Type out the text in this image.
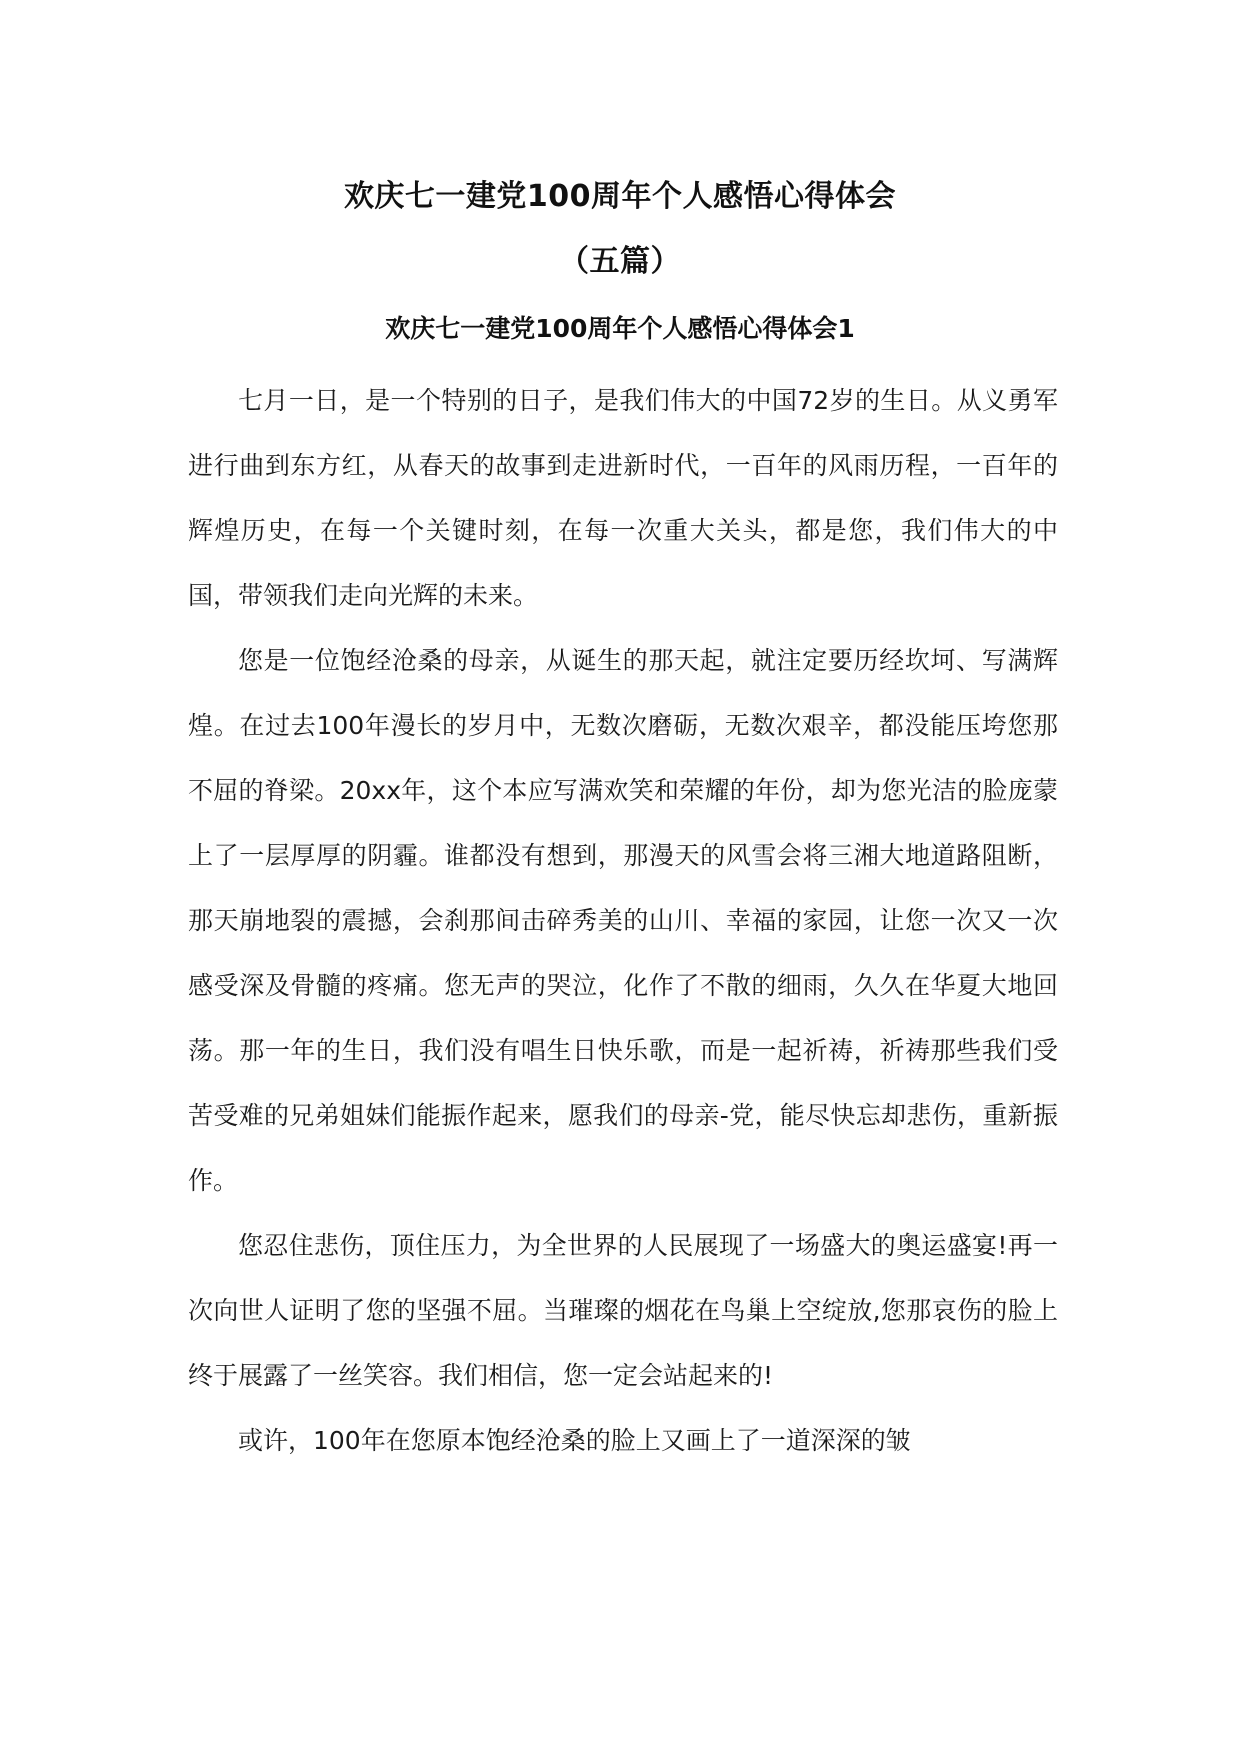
欢庆七一建党100周年个人感悟心得体会
（五篇）
欢庆七一建党100周年个人感悟心得体会1

七月一日，是一个特别的日子，是我们伟大的中国72岁的生日。从义勇军进行曲到东方红，从春天的故事到走进新时代，一百年的风雨历程，一百年的辉煌历史，在每一个关键时刻，在每一次重大关头，都是您，我们伟大的中国，带领我们走向光辉的未来。

您是一位饱经沧桑的母亲，从诞生的那天起，就注定要历经坎坷、写满辉煌。在过去100年漫长的岁月中，无数次磨砺，无数次艰辛，都没能压垮您那不屈的脊梁。20xx年，这个本应写满欢笑和荣耀的年份，却为您光洁的脸庞蒙上了一层厚厚的阴霾。谁都没有想到，那漫天的风雪会将三湘大地道路阻断，那天崩地裂的震撼，会刹那间击碎秀美的山川、幸福的家园，让您一次又一次感受深及骨髓的疼痛。您无声的哭泣，化作了不散的细雨，久久在华夏大地回荡。那一年的生日，我们没有唱生日快乐歌，而是一起祈祷，祈祷那些我们受苦受难的兄弟姐妹们能振作起来，愿我们的母亲-党，能尽快忘却悲伤，重新振作。

您忍住悲伤，顶住压力，为全世界的人民展现了一场盛大的奥运盛宴!再一次向世人证明了您的坚强不屈。当璀璨的烟花在鸟巢上空绽放,您那哀伤的脸上终于展露了一丝笑容。我们相信，您一定会站起来的!

或许，100年在您原本饱经沧桑的脸上又画上了一道深深的皱
